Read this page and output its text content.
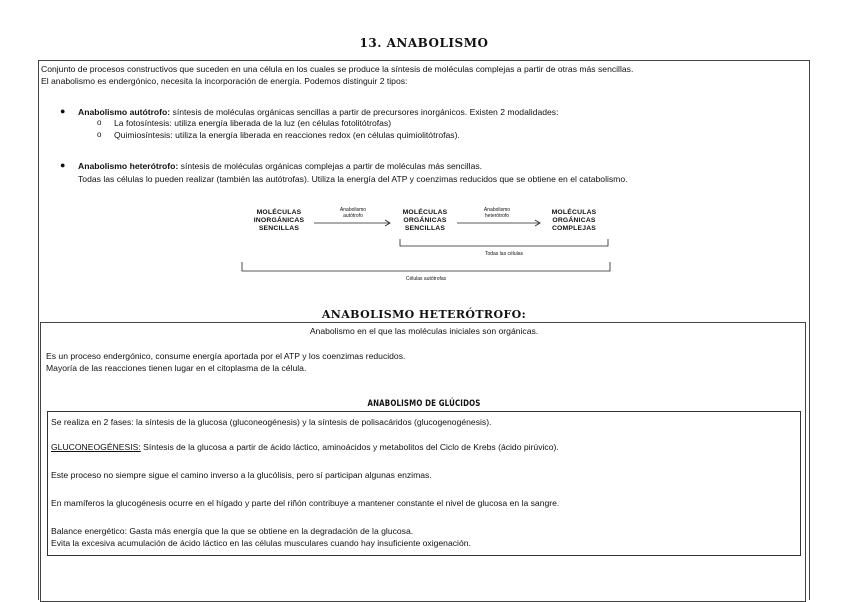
13. ANABOLISMO
Conjunto de procesos constructivos que suceden en una célula en los cuales se produce la síntesis de moléculas complejas a partir de otras más sencillas.
El anabolismo es endergónico, necesita la incorporación de energía. Podemos distinguir 2 tipos:
● Anabolismo autótrofo: síntesis de moléculas orgánicas sencillas a partir de precursores inorgánicos. Existen 2 modalidades:
o La fotosíntesis: utiliza energía liberada de la luz (en células fotolitótrofas)
o Quimiosíntesis: utiliza la energía liberada en reacciones redox (en células quimiolitótrofas).
● Anabolismo heterótrofo: síntesis de moléculas orgánicas complejas a partir de moléculas más sencillas.
Todas las células lo pueden realizar (también las autótrofas). Utiliza la energía del ATP y coenzimas reducidos que se obtiene en el catabolismo.
MOLÉCULAS
INORGÁNICAS
SENCILLAS
Anabolismo
autótrofo	MOLÉCULAS
ORGÁNICAS
SENCILLAS
Anabolismo
heterótrofo	MOLÉCULAS
ORGÁNICAS
COMPLEJAS
Todas las células
Células autótrofas
ANABOLISMO HETERÓTROFO:
Anabolismo en el que las moléculas iniciales son orgánicas.
Es un proceso endergónico, consume energía aportada por el ATP y los coenzimas reducidos.
Mayoría de las reacciones tienen lugar en el citoplasma de la célula.
ANABOLISMO DE GLÚCIDOS
Se realiza en 2 fases: la síntesis de la glucosa (gluconeogénesis) y la síntesis de polisacáridos (glucogenogénesis).
GLUCONEOGÉNESIS: Síntesis de la glucosa a partir de ácido láctico, aminoácidos y metabolitos del Ciclo de Krebs (ácido pirúvico).
Este proceso no siempre sigue el camino inverso a la glucólisis, pero sí participan algunas enzimas.
En mamíferos la glucogénesis ocurre en el hígado y parte del riñón contribuye a mantener constante el nivel de glucosa en la sangre.
Balance energético: Gasta más energía que la que se obtiene en la degradación de la glucosa.
Evita la excesiva acumulación de ácido láctico en las células musculares cuando hay insuficiente oxigenación.
